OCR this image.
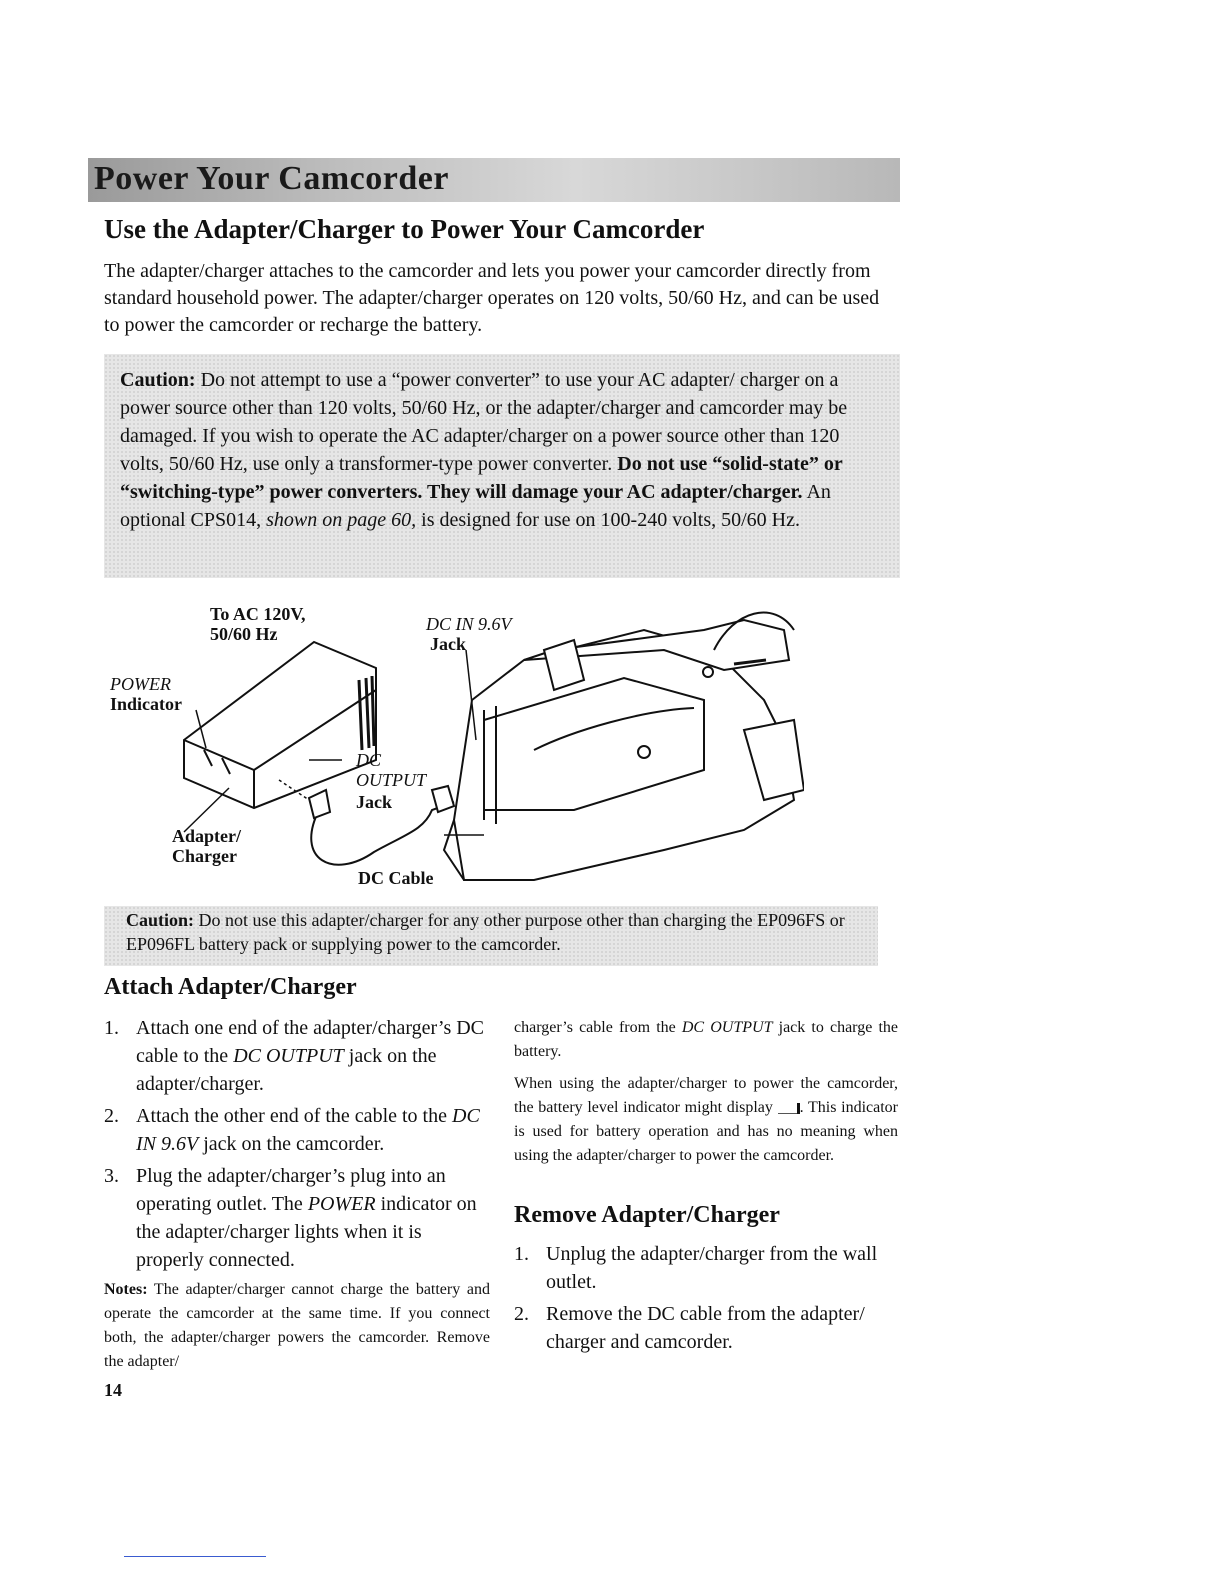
Power Your Camcorder
Use the Adapter/Charger to Power Your Camcorder
The adapter/charger attaches to the camcorder and lets you power your camcorder directly from standard household power. The adapter/charger operates on 120 volts, 50/60 Hz, and can be used to power the camcorder or recharge the battery.
Caution: Do not attempt to use a “power converter” to use your AC adapter/ charger on a power source other than 120 volts, 50/60 Hz, or the adapter/charger and camcorder may be damaged. If you wish to operate the AC adapter/charger on a power source other than 120 volts, 50/60 Hz, use only a transformer-type power converter. Do not use “solid-state” or “switching-type” power converters. They will damage your AC adapter/charger. An optional CPS014, shown on page 60, is designed for use on 100-240 volts, 50/60 Hz.
To AC 120V,
50/60 Hz	DC IN 9.6V
Jack
POWER
Indicator
DC
OUTPUT
Jack
Adapter/
Charger
DC Cable
Caution: Do not use this adapter/charger for any other purpose other than charging the EP096FS or EP096FL battery pack or supplying power to the camcorder.
Attach Adapter/Charger
1. Attach one end of the adapter/charger’s DC cable to the DC OUTPUT jack on the adapter/charger.
2. Attach the other end of the cable to the DC IN 9.6V jack on the camcorder.
3. Plug the adapter/charger’s plug into an operating outlet. The POWER indicator on the adapter/charger lights when it is properly connected.
Notes: The adapter/charger cannot charge the battery and operate the camcorder at the same time. If you connect both, the adapter/charger powers the camcorder. Remove the adapter/

charger’s cable from the DC OUTPUT jack to charge the battery.

When using the adapter/charger to power the camcorder, the battery level indicator might display . This indicator is used for battery operation and has no meaning when using the adapter/charger to power the camcorder.

Remove Adapter/Charger
1. Unplug the adapter/charger from the wall outlet.
2. Remove the DC cable from the adapter/ charger and camcorder.
14
